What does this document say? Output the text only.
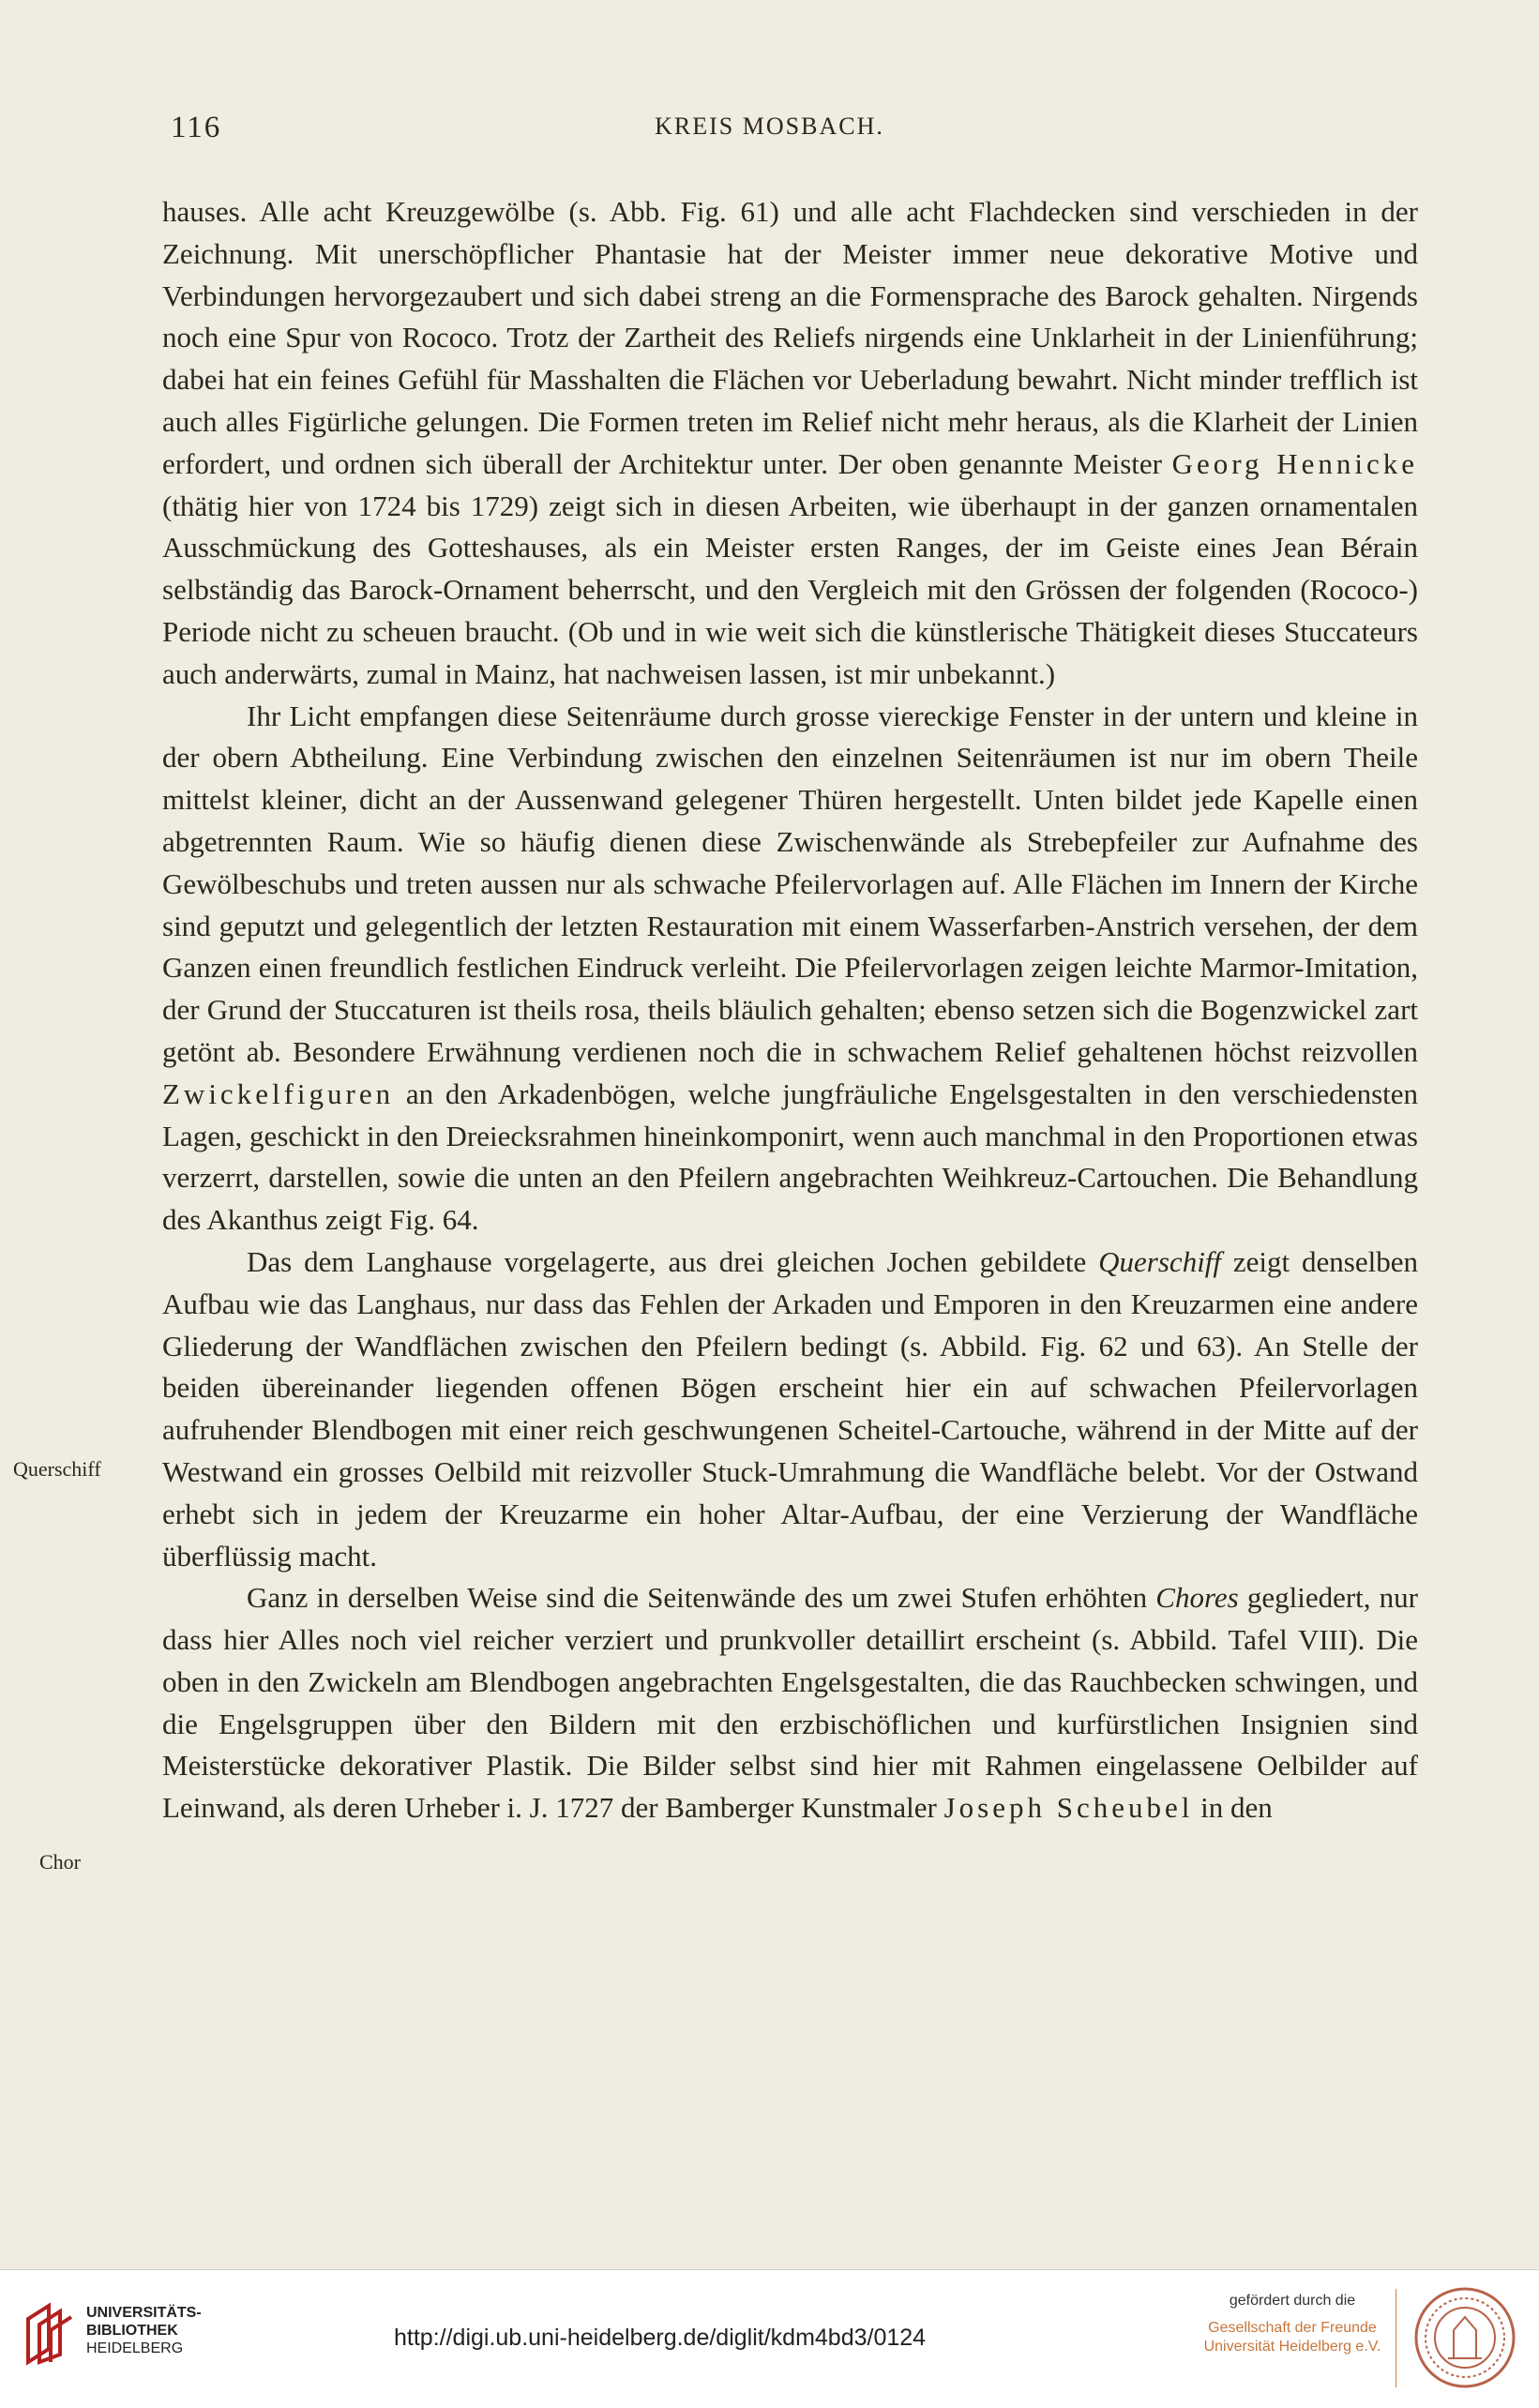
116	KREIS MOSBACH.

hauses. Alle acht Kreuzgewölbe (s. Abb. Fig. 61) und alle acht Flachdecken sind verschieden in der Zeichnung. Mit unerschöpflicher Phantasie hat der Meister immer neue dekorative Motive und Verbindungen hervorgezaubert und sich dabei streng an die Formensprache des Barock gehalten. Nirgends noch eine Spur von Rococo. Trotz der Zartheit des Reliefs nirgends eine Unklarheit in der Linienführung; dabei hat ein feines Gefühl für Masshalten die Flächen vor Ueberladung bewahrt. Nicht minder trefflich ist auch alles Figürliche gelungen. Die Formen treten im Relief nicht mehr heraus, als die Klarheit der Linien erfordert, und ordnen sich überall der Architektur unter. Der oben genannte Meister Georg Hennicke (thätig hier von 1724 bis 1729) zeigt sich in diesen Arbeiten, wie überhaupt in der ganzen ornamentalen Ausschmückung des Gotteshauses, als ein Meister ersten Ranges, der im Geiste eines Jean Bérain selbständig das Barock-Ornament beherrscht, und den Vergleich mit den Grössen der folgenden (Rococo-) Periode nicht zu scheuen braucht. (Ob und in wie weit sich die künstlerische Thätigkeit dieses Stuccateurs auch anderwärts, zumal in Mainz, hat nachweisen lassen, ist mir unbekannt.)

Ihr Licht empfangen diese Seitenräume durch grosse viereckige Fenster in der untern und kleine in der obern Abtheilung. Eine Verbindung zwischen den einzelnen Seitenräumen ist nur im obern Theile mittelst kleiner, dicht an der Aussenwand gelegener Thüren hergestellt. Unten bildet jede Kapelle einen abgetrennten Raum. Wie so häufig dienen diese Zwischenwände als Strebepfeiler zur Aufnahme des Gewölbeschubs und treten aussen nur als schwache Pfeilervorlagen auf. Alle Flächen im Innern der Kirche sind geputzt und gelegentlich der letzten Restauration mit einem Wasserfarben-Anstrich versehen, der dem Ganzen einen freundlich festlichen Eindruck verleiht. Die Pfeilervorlagen zeigen leichte Marmor-Imitation, der Grund der Stuccaturen ist theils rosa, theils bläulich gehalten; ebenso setzen sich die Bogenzwickel zart getönt ab. Besondere Erwähnung verdienen noch die in schwachem Relief gehaltenen höchst reizvollen Zwickelfiguren an den Arkadenbögen, welche jungfräuliche Engelsgestalten in den verschiedensten Lagen, geschickt in den Dreiecksrahmen hineinkomponirt, wenn auch manchmal in den Proportionen etwas verzerrt, darstellen, sowie die unten an den Pfeilern angebrachten Weihkreuz-Cartouchen. Die Behandlung des Akanthus zeigt Fig. 64.

Das dem Langhause vorgelagerte, aus drei gleichen Jochen gebildete Querschiff zeigt denselben Aufbau wie das Langhaus, nur dass das Fehlen der Arkaden und Emporen in den Kreuzarmen eine andere Gliederung der Wandflächen zwischen den Pfeilern bedingt (s. Abbild. Fig. 62 und 63). An Stelle der beiden übereinander liegenden offenen Bögen erscheint hier ein auf schwachen Pfeilervorlagen aufruhender Blendbogen mit einer reich geschwungenen Scheitel-Cartouche, während in der Mitte auf der Westwand ein grosses Oelbild mit reizvoller Stuck-Umrahmung die Wandfläche belebt. Vor der Ostwand erhebt sich in jedem der Kreuzarme ein hoher Altar-Aufbau, der eine Verzierung der Wandfläche überflüssig macht.

Ganz in derselben Weise sind die Seitenwände des um zwei Stufen erhöhten Chores gegliedert, nur dass hier Alles noch viel reicher verziert und prunkvoller detaillirt erscheint (s. Abbild. Tafel VIII). Die oben in den Zwickeln am Blendbogen angebrachten Engelsgestalten, die das Rauchbecken schwingen, und die Engelsgruppen über den Bildern mit den erzbischöflichen und kurfürstlichen Insignien sind Meisterstücke dekorativer Plastik. Die Bilder selbst sind hier mit Rahmen eingelassene Oelbilder auf Leinwand, als deren Urheber i. J. 1727 der Bamberger Kunstmaler Joseph Scheubel in den

Querschiff
Chor
UNIVERSITÄTS-
BIBLIOTHEK
HEIDELBERG	http://digi.ub.uni-heidelberg.de/diglit/kdm4bd3/0124
gefördert durch die
Gesellschaft der Freunde
Universität Heidelberg e.V.
